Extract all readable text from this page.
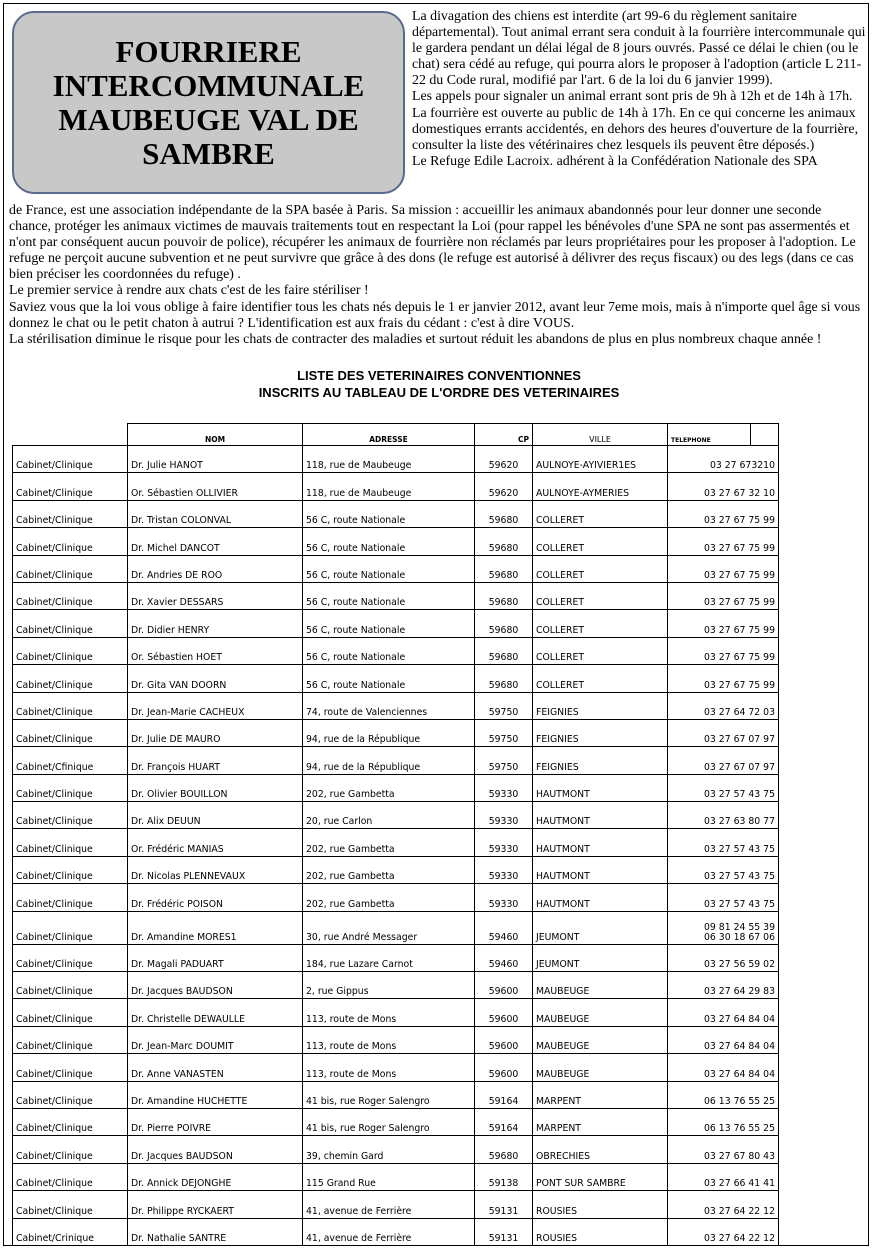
FOURRIERE
INTERCOMMUNALE
MAUBEUGE VAL DE
SAMBRE

La divagation des chiens est interdite (art 99-6 du règlement sanitaire départemental). Tout animal errant sera conduit à la fourrière intercommunale qui le gardera pendant un délai légal de 8 jours ouvrés. Passé ce délai le chien (ou le chat) sera cédé au refuge, qui pourra alors le proposer à l'adoption (article L 211-22 du Code rural, modifié par l'art. 6 de la loi du 6 janvier 1999).

Les appels pour signaler un animal errant sont pris de 9h à 12h et de 14h à 17h. La fourrière est ouverte au public de 14h à 17h. En ce qui concerne les animaux domestiques errants accidentés, en dehors des heures d'ouverture de la fourrière, consulter la liste des vétérinaires chez lesquels ils peuvent être déposés.)

Le Refuge Edile Lacroix. adhérent à la Confédération Nationale des SPA

de France, est une association indépendante de la SPA basée à Paris. Sa mission : accueillir les animaux abandonnés pour leur donner une seconde chance, protéger les animaux victimes de mauvais traitements tout en respectant la Loi (pour rappel les bénévoles d'une SPA ne sont pas assermentés et n'ont par conséquent aucun pouvoir de police), récupérer les animaux de fourrière non réclamés par leurs propriétaires pour les proposer à l'adoption. Le refuge ne perçoit aucune subvention et ne peut survivre que grâce à des dons (le refuge est autorisé à délivrer des reçus fiscaux) ou des legs (dans ce cas bien préciser les coordonnées du refuge) .

Le premier service à rendre aux chats c'est de les faire stériliser !

Saviez vous que la loi vous oblige à faire identifier tous les chats nés depuis le 1 er janvier 2012, avant leur 7eme mois, mais à n'importe quel âge si vous donnez le chat ou le petit chaton à autrui ? L'identification est aux frais du cédant : c'est à dire VOUS.

La stérilisation diminue le risque pour les chats de contracter des maladies et surtout réduit les abandons de plus en plus nombreux chaque année !

LISTE DES VETERINAIRES CONVENTIONNES
INSCRITS AU TABLEAU DE L'ORDRE DES VETERINAIRES
	NOM	ADRESSE	CP	VILLE	TELEPHONE	
Cabinet/Clinique	Dr. Julie HANOT	118, rue de Maubeuge	59620	AULNOYE-AYIVIER1ES	03 27 673210	

Cabinet/Clinique	Or. Sébastien OLLIVIER	118, rue de Maubeuge	59620	AULNOYE-AYMERIES	03 27 67 32 10	

Cabinet/Clinique	Dr. Tristan COLONVAL	56 C, route Nationale	59680	COLLERET	03 27 67 75 99	

Cabinet/Clinique	Dr. Michel DANCOT	56 C, route Nationale	59680	COLLERET	03 27 67 75 99	

Cabinet/Clinique	Dr. Andries DE ROO	56 C, route Nationale	59680	COLLERET	03 27 67 75 99	

Cabinet/Clinique	Dr. Xavier DESSARS	56 C, route Nationale	59680	COLLERET	03 27 67 75 99	

Cabinet/Clinique	Dr. Didier HENRY	56 C, route Nationale	59680	COLLERET	03 27 67 75 99	

Cabinet/Clinique	Or. Sébastien HOET	56 C, route Nationale	59680	COLLERET	03 27 67 75 99	

Cabinet/Clinique	Dr. Gita VAN DOORN	56 C, route Nationale	59680	COLLERET	03 27 67 75 99	

Cabinet/Clinique	Dr. Jean-Marie CACHEUX	74, route de Valenciennes	59750	FEIGNIES	03 27 64 72 03	

Cabinet/Clinique	Dr. Julie DE MAURO	94, rue de la République	59750	FEIGNIES	03 27 67 07 97	

Cabinet/Cfinique	Dr. François HUART	94, rue de la République	59750	FEIGNIES	03 27 67 07 97	

Cabinet/Clinique	Dr. Olivier BOUILLON	202, rue Gambetta	59330	HAUTMONT	03 27 57 43 75	

Cabinet/Clinique	Dr. Alix DEUUN	20, rue Carlon	59330	HAUTMONT	03 27 63 80 77	

Cabinet/Clinique	Or. Frédéric MANIAS	202, rue Gambetta	59330	HAUTMONT	03 27 57 43 75	

Cabinet/Clinique	Dr. Nicolas PLENNEVAUX	202, rue Gambetta	59330	HAUTMONT	03 27 57 43 75	

Cabinet/Clinique	Dr. Frédéric POISON	202, rue Gambetta	59330	HAUTMONT	03 27 57 43 75	

Cabinet/Clinique	Dr. Amandine MORES1	30, rue André Messager	59460	JEUMONT	09 81 24 55 39
06 30 18 67 06	

Cabinet/Clinique	Dr. Magali PADUART	184, rue Lazare Carnot	59460	JEUMONT	03 27 56 59 02	

Cabinet/Clinique	Dr. Jacques BAUDSON	2, rue Gippus	59600	MAUBEUGE	03 27 64 29 83	

Cabinet/Clinique	Dr. Christelle DEWAULLE	113, route de Mons	59600	MAUBEUGE	03 27 64 84 04	

Cabinet/Clinique	Dr. Jean-Marc DOUMIT	113, route de Mons	59600	MAUBEUGE	03 27 64 84 04	

Cabinet/Clinique	Dr. Anne VANASTEN	113, route de Mons	59600	MAUBEUGE	03 27 64 84 04	

Cabinet/Clinique	Dr. Amandine HUCHETTE	41 bis, rue Roger Salengro	59164	MARPENT	06 13 76 55 25	

Cabinet/Clinique	Dr. Pierre POIVRE	41 bis, rue Roger Salengro	59164	MARPENT	06 13 76 55 25	

Cabinet/Clinique	Dr. Jacques BAUDSON	39, chemin Gard	59680	OBRECHIES	03 27 67 80 43	

Cabinet/Clinique	Dr. Annick DEJONGHE	115 Grand Rue	59138	PONT SUR SAMBRE	03 27 66 41 41	

Cabinet/Clinique	Dr. Philippe RYCKAERT	41, avenue de Ferrière	59131	ROUSIES	03 27 64 22 12	

Cabinet/Crinique	Dr. Nathalie SANTRE	41, avenue de Ferrière	59131	ROUSIES	03 27 64 22 12	
